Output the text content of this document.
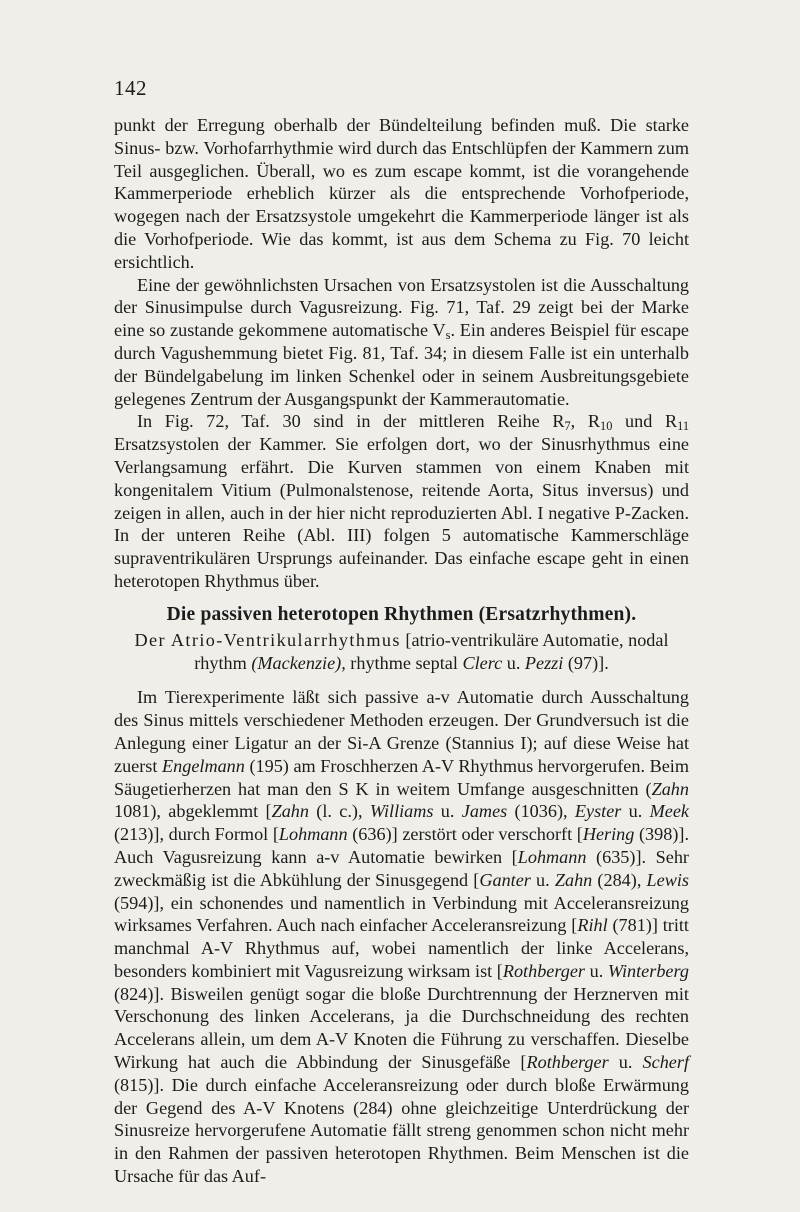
142

punkt der Erregung oberhalb der Bündelteilung befinden muß. Die starke Sinus- bzw. Vorhofarrhythmie wird durch das Entschlüpfen der Kammern zum Teil ausgeglichen. Überall, wo es zum escape kommt, ist die vorangehende Kammerperiode erheblich kürzer als die entsprechende Vorhofperiode, wogegen nach der Ersatzsystole umgekehrt die Kammerperiode länger ist als die Vorhofperiode. Wie das kommt, ist aus dem Schema zu Fig. 70 leicht ersichtlich.

Eine der gewöhnlichsten Ursachen von Ersatzsystolen ist die Ausschaltung der Sinusimpulse durch Vagusreizung. Fig. 71, Taf. 29 zeigt bei der Marke eine so zustande gekommene automatische $V_s$. Ein anderes Beispiel für escape durch Vagushemmung bietet Fig. 81, Taf. 34; in diesem Falle ist ein unterhalb der Bündelgabelung im linken Schenkel oder in seinem Ausbreitungsgebiete gelegenes Zentrum der Ausgangspunkt der Kammerautomatie.

In Fig. 72, Taf. 30 sind in der mittleren Reihe $R_7$, $R_{10}$ und $R_{11}$ Ersatzsystolen der Kammer. Sie erfolgen dort, wo der Sinusrhythmus eine Verlangsamung erfährt. Die Kurven stammen von einem Knaben mit kongenitalem Vitium (Pulmonalstenose, reitende Aorta, Situs inversus) und zeigen in allen, auch in der hier nicht reproduzierten Abl. I negative P-Zacken. In der unteren Reihe (Abl. III) folgen 5 automatische Kammerschläge supraventrikulären Ursprungs aufeinander. Das einfache escape geht in einen heterotopen Rhythmus über.

Die passiven heterotopen Rhythmen (Ersatzrhythmen).

Der Atrio-Ventrikularrhythmus [atrio-ventrikuläre Automatie, nodal rhythm (Mackenzie), rhythme septal Clerc u. Pezzi (97)].

Im Tierexperimente läßt sich passive a-v Automatie durch Ausschaltung des Sinus mittels verschiedener Methoden erzeugen. Der Grundversuch ist die Anlegung einer Ligatur an der Si-A Grenze (Stannius I); auf diese Weise hat zuerst Engelmann (195) am Froschherzen A-V Rhythmus hervorgerufen. Beim Säugetierherzen hat man den S K in weitem Umfange ausgeschnitten (Zahn 1081), abgeklemmt [Zahn (l. c.), Williams u. James (1036), Eyster u. Meek (213)], durch Formol [Lohmann (636)] zerstört oder verschorft [Hering (398)]. Auch Vagusreizung kann a-v Automatie bewirken [Lohmann (635)]. Sehr zweckmäßig ist die Abkühlung der Sinusgegend [Ganter u. Zahn (284), Lewis (594)], ein schonendes und namentlich in Verbindung mit Acceleransreizung wirksames Verfahren. Auch nach einfacher Acceleransreizung [Rihl (781)] tritt manchmal A-V Rhythmus auf, wobei namentlich der linke Accelerans, besonders kombiniert mit Vagusreizung wirksam ist [Rothberger u. Winterberg (824)]. Bisweilen genügt sogar die bloße Durchtrennung der Herznerven mit Verschonung des linken Accelerans, ja die Durchschneidung des rechten Accelerans allein, um dem A-V Knoten die Führung zu verschaffen. Dieselbe Wirkung hat auch die Abbindung der Sinusgefäße [Rothberger u. Scherf (815)]. Die durch einfache Acceleransreizung oder durch bloße Erwärmung der Gegend des A-V Knotens (284) ohne gleichzeitige Unterdrückung der Sinusreize hervorgerufene Automatie fällt streng genommen schon nicht mehr in den Rahmen der passiven heterotopen Rhythmen. Beim Menschen ist die Ursache für das Auf-
